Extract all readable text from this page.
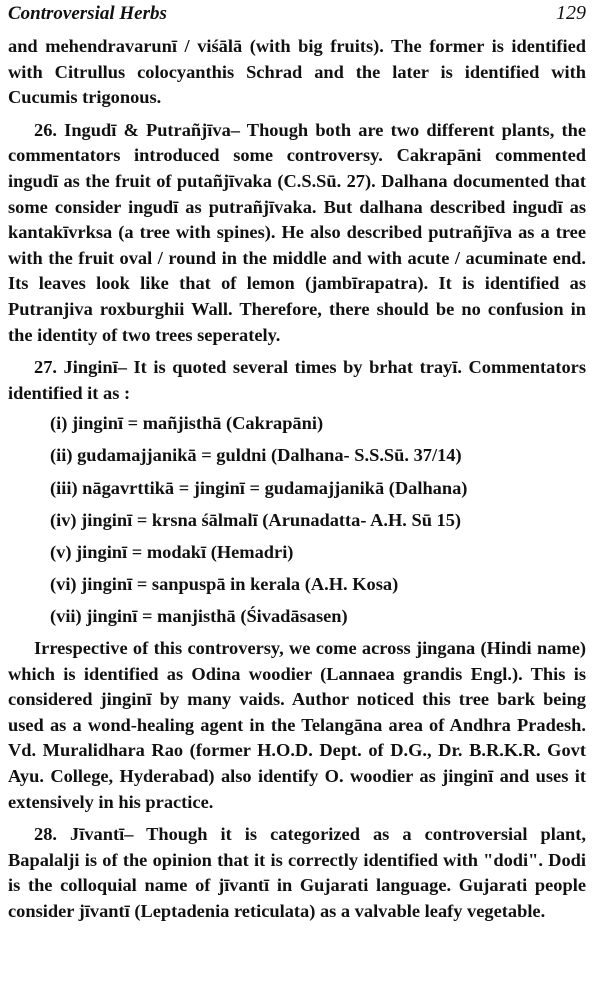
Controversial Herbs	129

and mehendravarunī / viśālā (with big fruits). The former is identified with Citrullus colocyanthis Schrad and the later is identified with Cucumis trigonous.

26. Ingudī & Putrañjīva– Though both are two different plants, the commentators introduced some controversy. Cakrapāni commented ingudī as the fruit of putañjīvaka (C.S.Sū. 27). Dalhana documented that some consider ingudī as putrañjīvaka. But dalhana described ingudī as kantakīvrksa (a tree with spines). He also described putrañjīva as a tree with the fruit oval / round in the middle and with acute / acuminate end. Its leaves look like that of lemon (jambīrapatra). It is identified as Putranjiva roxburghii Wall. Therefore, there should be no confusion in the identity of two trees seperately.

27. Jinginī– It is quoted several times by brhat trayī. Commentators identified it as :

(i) jinginī = mañjisthā (Cakrapāni)
(ii) gudamajjanikā = guldni (Dalhana- S.S.Sū. 37/14)
(iii) nāgavrttikā = jinginī = gudamajjanikā (Dalhana)
(iv) jinginī = krsna śālmalī (Arunadatta- A.H. Sū 15)
(v) jinginī = modakī (Hemadri)
(vi) jinginī = sanpuspā in kerala (A.H. Kosa)
(vii) jinginī = manjisthā (Śivadāsasen)

Irrespective of this controversy, we come across jingana (Hindi name) which is identified as Odina woodier (Lannaea grandis Engl.). This is considered jinginī by many vaids. Author noticed this tree bark being used as a wond-healing agent in the Telangāna area of Andhra Pradesh. Vd. Muralidhara Rao (former H.O.D. Dept. of D.G., Dr. B.R.K.R. Govt Ayu. College, Hyderabad) also identify O. woodier as jinginī and uses it extensively in his practice.

28. Jīvantī– Though it is categorized as a controversial plant, Bapalalji is of the opinion that it is correctly identified with "dodi". Dodi is the colloquial name of jīvantī in Gujarati language. Gujarati people consider jīvantī (Leptadenia reticulata) as a valvable leafy vegetable.
